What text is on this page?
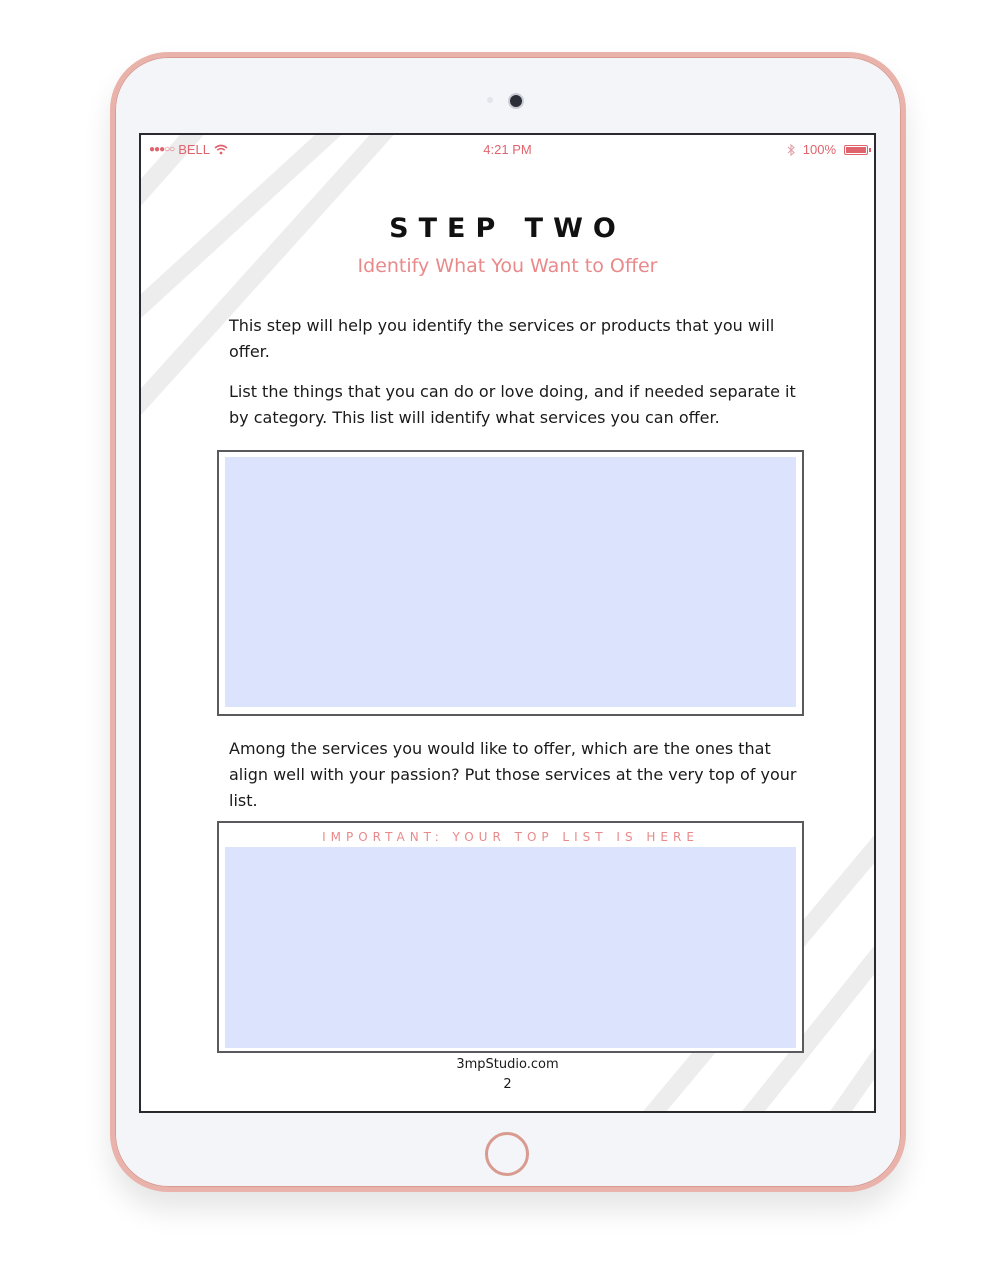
●●●○○ BELL	4:21 PM	100%
STEP TWO
Identify What You Want to Offer
This step will help you identify the services or products that you will offer.
List the things that you can do or love doing, and if needed separate it by category. This list will identify what services you can offer.
Among the services you would like to offer, which are the ones that align well with your passion? Put those services at the very top of your list.
IMPORTANT: YOUR TOP LIST IS HERE
3mpStudio.com
2
